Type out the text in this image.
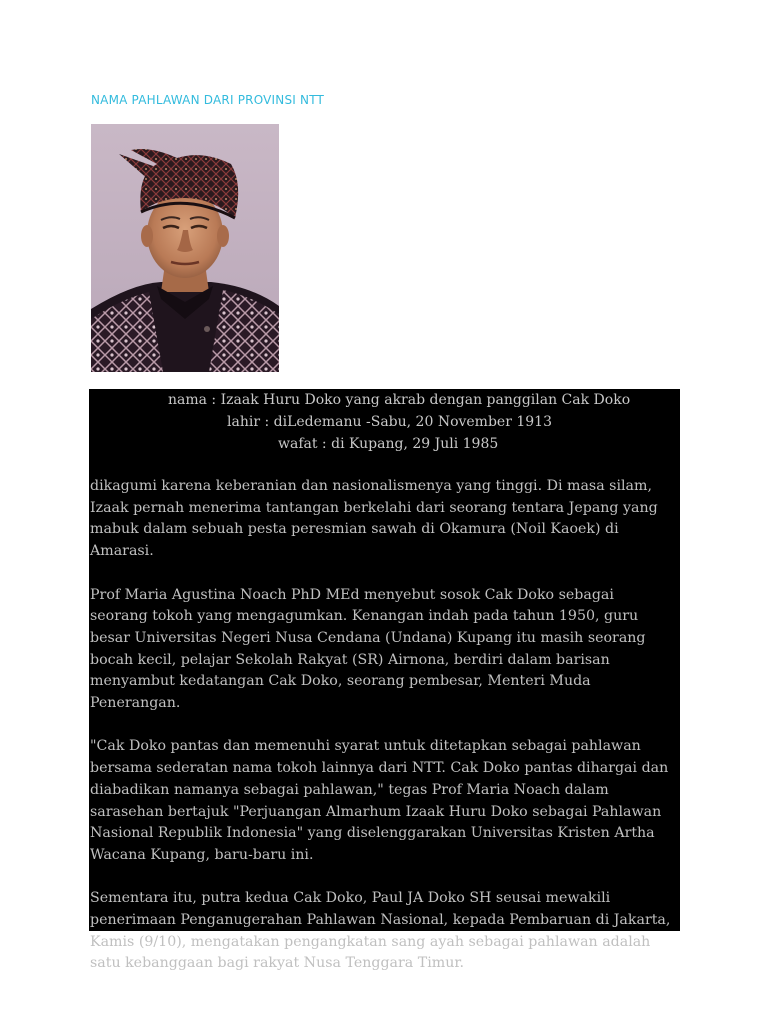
NAMA PAHLAWAN DARI PROVINSI NTT
nama : Izaak Huru Doko yang akrab dengan panggilan Cak Doko
lahir : diLedemanu -Sabu, 20 November 1913
wafat : di Kupang, 29 Juli 1985

dikagumi karena keberanian dan nasionalismenya yang tinggi. Di masa silam, Izaak pernah menerima tantangan berkelahi dari seorang tentara Jepang yang mabuk dalam sebuah pesta peresmian sawah di Okamura (Noil Kaoek) di Amarasi.

Prof Maria Agustina Noach PhD MEd menyebut sosok Cak Doko sebagai seorang tokoh yang mengagumkan. Kenangan indah pada tahun 1950, guru besar Universitas Negeri Nusa Cendana (Undana) Kupang itu masih seorang bocah kecil, pelajar Sekolah Rakyat (SR) Airnona, berdiri dalam barisan menyambut kedatangan Cak Doko, seorang pembesar, Menteri Muda Penerangan.

"Cak Doko pantas dan memenuhi syarat untuk ditetapkan sebagai pahlawan bersama sederatan nama tokoh lainnya dari NTT. Cak Doko pantas dihargai dan diabadikan namanya sebagai pahlawan," tegas Prof Maria Noach dalam sarasehan bertajuk "Perjuangan Almarhum Izaak Huru Doko sebagai Pahlawan Nasional Republik Indonesia" yang diselenggarakan Universitas Kristen Artha Wacana Kupang, baru-baru ini.

Sementara itu, putra kedua Cak Doko, Paul JA Doko SH seusai mewakili penerimaan Penganugerahan Pahlawan Nasional, kepada Pembaruan di Jakarta, Kamis (9/10), mengatakan pengangkatan sang ayah sebagai pahlawan adalah satu kebanggaan bagi rakyat Nusa Tenggara Timur.
